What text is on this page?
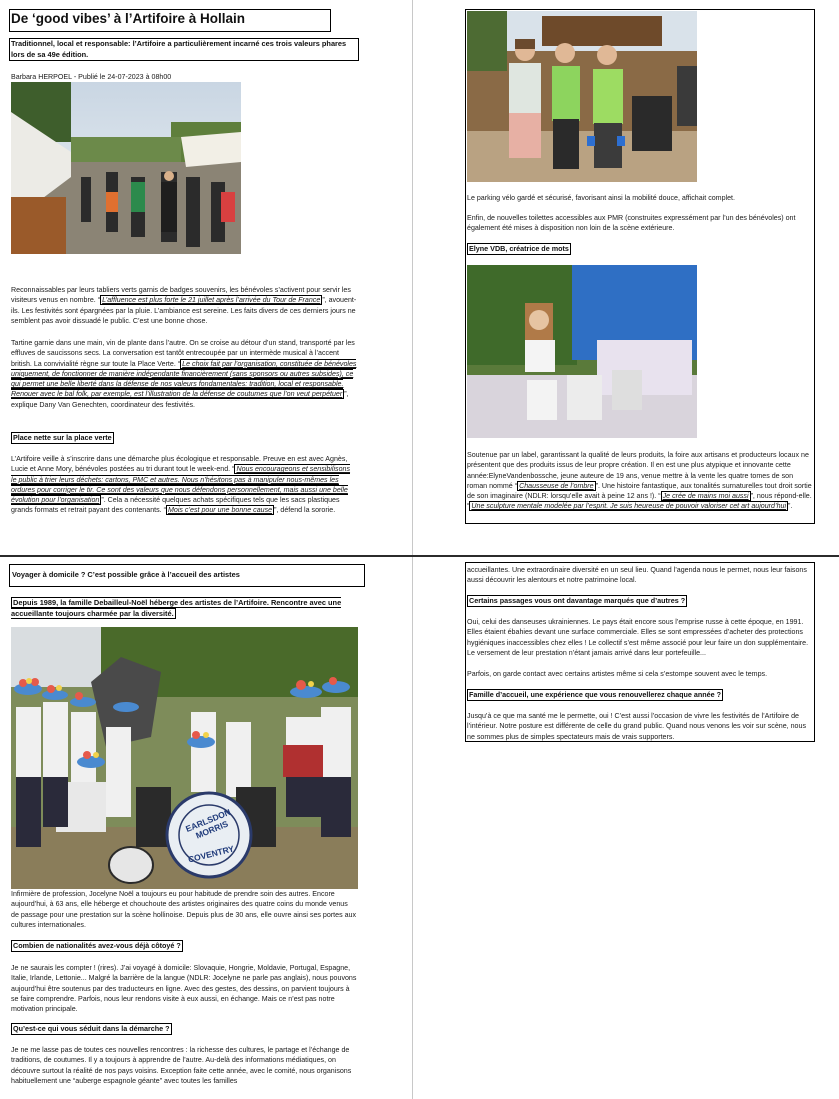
De ‘good vibes’ à l’Artifoire à Hollain
Traditionnel, local et responsable: l’Artifoire a particulièrement incarné ces trois valeurs phares lors de sa 49e édition.
Barbara HERPOEL - Publié le 24-07-2023 à 08h00
Reconnaissables par leurs tabliers verts garnis de badges souvenirs, les bénévoles s’activent pour servir les visiteurs venus en nombre. “ L’affluence est plus forte le 21 juillet après l’arrivée du Tour de France ”, avouent-ils. Les festivités sont épargnées par la pluie. L’ambiance est sereine. Les faits divers de ces derniers jours ne semblent pas avoir dissuadé le public. C’est une bonne chose.
Tartine garnie dans une main, vin de plante dans l’autre. On se croise au détour d’un stand, transporté par les effluves de saucissons secs. La conversation est tantôt entrecoupée par un intermède musical à l’accent british. La convivialité règne sur toute la Place Verte. “ Le choix fait par l’organisation, constituée de bénévoles uniquement, de fonctionner de manière indépendante financièrement (sans sponsors ou autres subsides), ce qui permet une belle liberté dans la défense de nos valeurs fondamentales: tradition, local et responsable. Renouer avec le bal folk, par exemple, est l’illustration de la défense de coutumes que l’on veut perpétuer ”, explique Dany Van Genechten, coordinateur des festivités.
Place nette sur la place verte
L’Artifoire veille à s’inscrire dans une démarche plus écologique et responsable. Preuve en est avec Agnès, Lucie et Anne Mory, bénévoles postées au tri durant tout le week-end. “ Nous encourageons et sensibilisons le public à trier leurs déchets: cartons, PMC et autres. Nous n’hésitons pas à manipuler nous-mêmes les ordures pour corriger le tir. Ce sont des valeurs que nous défendons personnellement, mais aussi une belle évolution pour l’organisation ”. Cela a nécessité quelques achats spécifiques tels que les sacs plastiques grands formats et retrait payant des contenants. “ Mois c’est pour une bonne cause ”, défend la sororie.
Le parking vélo gardé et sécurisé, favorisant ainsi la mobilité douce, affichait complet.
Enfin, de nouvelles toilettes accessibles aux PMR (construites expressément par l’un des bénévoles) ont également été mises à disposition non loin de la scène extérieure.
Elyne VDB, créatrice de mots
Soutenue par un label, garantissant la qualité de leurs produits, la foire aux artisans et producteurs locaux ne présentent que des produits issus de leur propre création. Il en est une plus atypique et innovante cette année:ElyneVandenbossche, jeune auteure de 19 ans, venue mettre à la vente les quatre tomes de son roman nommé “ Chausseuse de l’ombre ”. Une histoire fantastique, aux tonalités surnaturelles tout droit sortie de son imaginaire (NDLR: lorsqu’elle avait à peine 12 ans !). “ Je crée de mains moi aussi ”, nous répond-elle. “ Une sculpture mentale modelée par l’esprit. Je suis heureuse de pouvoir valoriser cet art aujourd’hui ”.
Voyager à domicile ? C’est possible grâce à l’accueil des artistes
Depuis 1989, la famille Debailleul-Noël héberge des artistes de l’Artifoire. Rencontre avec une accueillante toujours charmée par la diversité.
EARLSDON MORRIS
COVENTRY
Infirmière de profession, Jocelyne Noël a toujours eu pour habitude de prendre soin des autres. Encore aujourd’hui, à 63 ans, elle héberge et chouchoute des artistes originaires des quatre coins du monde venus de passage pour une prestation sur la scène hollinoise. Depuis plus de 30 ans, elle ouvre ainsi ses portes aux cultures internationales.
Combien de nationalités avez-vous déjà côtoyé ?
Je ne saurais les compter ! (rires). J’ai voyagé à domicile: Slovaquie, Hongrie, Moldavie, Portugal, Espagne, Italie, Irlande, Lettonie... Malgré la barrière de la langue (NDLR: Jocelyne ne parle pas anglais), nous pouvons aujourd’hui être soutenus par des traducteurs en ligne. Avec des gestes, des dessins, on parvient toujours à se faire comprendre. Parfois, nous leur rendons visite à eux aussi, en échange. Mais ce n’est pas notre motivation principale.
Qu’est-ce qui vous séduit dans la démarche ?
Je ne me lasse pas de toutes ces nouvelles rencontres : la richesse des cultures, le partage et l’échange de traditions, de coutumes. Il y a toujours à apprendre de l’autre. Au-delà des informations médiatiques, on découvre surtout la réalité de nos pays voisins. Exception faite cette année, avec le comité, nous organisons habituellement une “auberge espagnole géante” avec toutes les familles
accueillantes. Une extraordinaire diversité en un seul lieu. Quand l’agenda nous le permet, nous leur faisons aussi découvrir les alentours et notre patrimoine local.
Certains passages vous ont davantage marqués que d’autres ?
Oui, celui des danseuses ukrainiennes. Le pays était encore sous l’emprise russe à cette époque, en 1991. Elles étaient ébahies devant une surface commerciale. Elles se sont empressées d’acheter des protections hygiéniques inaccessibles chez elles ! Le collectif s’est même associé pour leur faire un don supplémentaire. Le versement de leur prestation n’étant jamais arrivé dans leur portefeuille...
Parfois, on garde contact avec certains artistes même si cela s’estompe souvent avec le temps.
Famille d’accueil, une expérience que vous renouvellerez chaque année ?
Jusqu’à ce que ma santé me le permette, oui ! C’est aussi l’occasion de vivre les festivités de l’Artifoire de l’intérieur. Notre posture est différente de celle du grand public. Quand nous venons les voir sur scène, nous ne sommes plus de simples spectateurs mais de vrais supporters.
